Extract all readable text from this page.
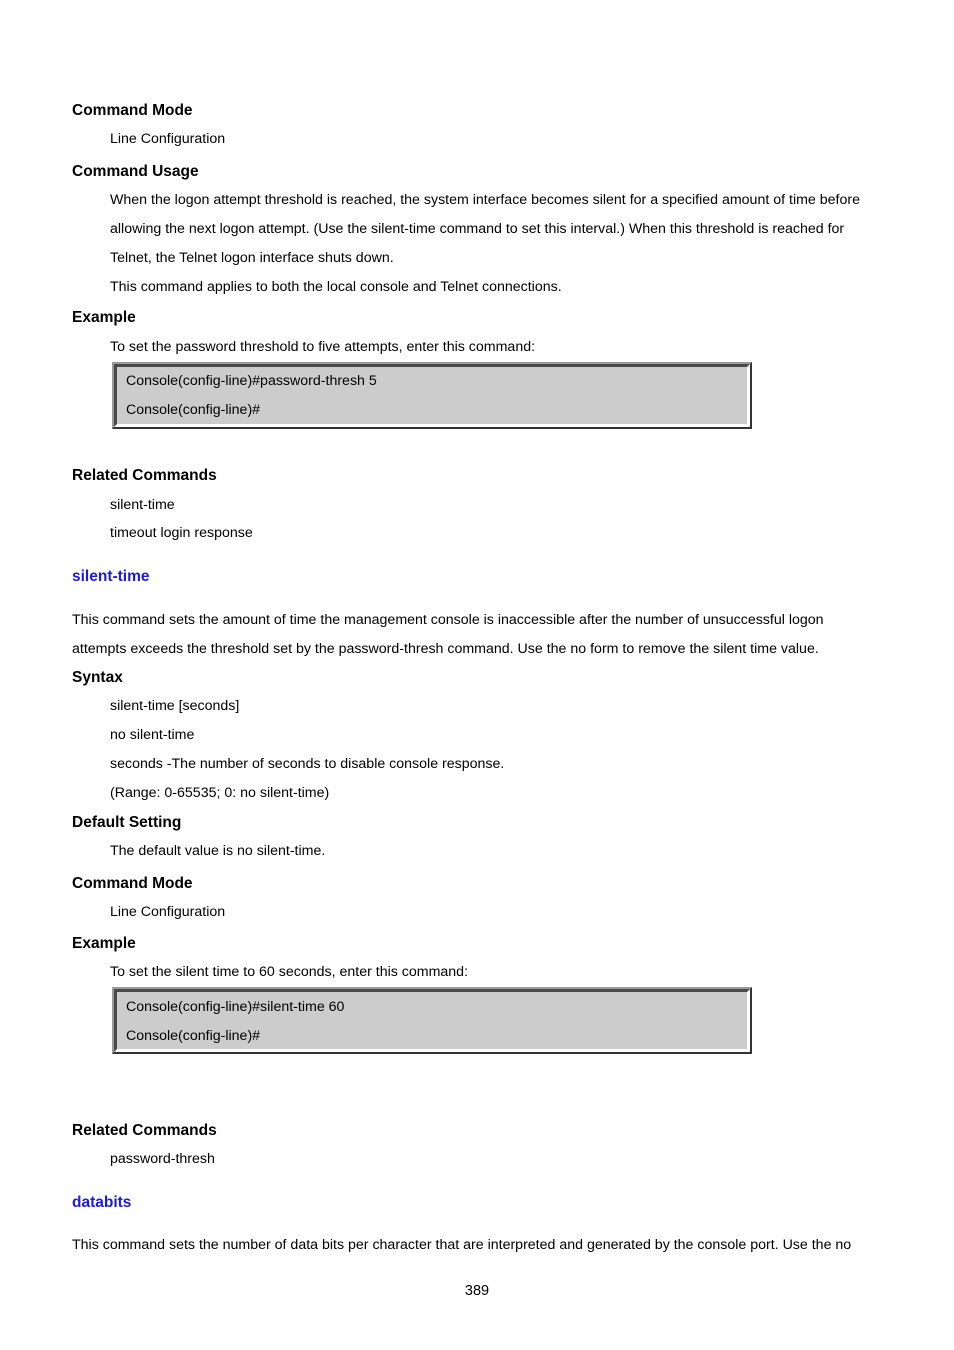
Command Mode
Line Configuration
Command Usage
When the logon attempt threshold is reached, the system interface becomes silent for a specified amount of time before
allowing the next logon attempt. (Use the silent-time command to set this interval.) When this threshold is reached for
Telnet, the Telnet logon interface shuts down.
This command applies to both the local console and Telnet connections.
Example
To set the password threshold to five attempts, enter this command:
Console(config-line)#password-thresh 5
Console(config-line)#
Related Commands
silent-time
timeout login response
silent-time
This command sets the amount of time the management console is inaccessible after the number of unsuccessful logon
attempts exceeds the threshold set by the password-thresh command. Use the no form to remove the silent time value.
Syntax
silent-time [seconds]
no silent-time
seconds -The number of seconds to disable console response.
(Range: 0-65535; 0: no silent-time)
Default Setting
The default value is no silent-time.
Command Mode
Line Configuration
Example
To set the silent time to 60 seconds, enter this command:
Console(config-line)#silent-time 60
Console(config-line)#
Related Commands
password-thresh
databits
This command sets the number of data bits per character that are interpreted and generated by the console port. Use the no
389
